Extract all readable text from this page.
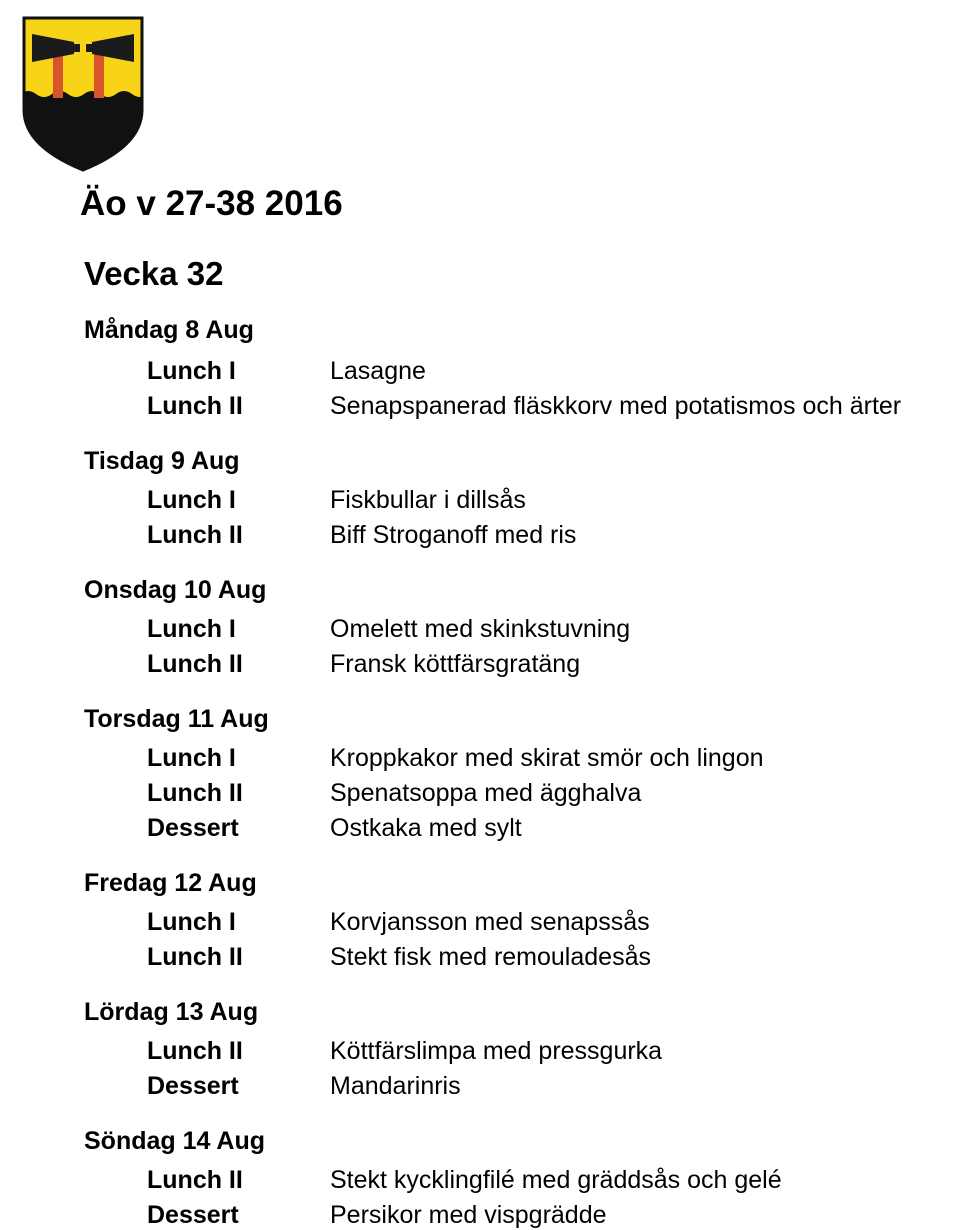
Äo v 27-38 2016
Vecka 32
Måndag 8 Aug
Lunch I	Lasagne
Lunch II	Senapspanerad fläskkorv med potatismos och ärter
Tisdag 9 Aug
Lunch I	Fiskbullar i dillsås
Lunch II	Biff Stroganoff med ris
Onsdag 10 Aug
Lunch I	Omelett med skinkstuvning
Lunch II	Fransk köttfärsgratäng
Torsdag 11 Aug
Lunch I	Kroppkakor med skirat smör och lingon
Lunch II	Spenatsoppa med ägghalva
Dessert	Ostkaka med sylt
Fredag 12 Aug
Lunch I	Korvjansson med senapssås
Lunch II	Stekt fisk med remouladesås
Lördag 13 Aug
Lunch II	Köttfärslimpa med pressgurka
Dessert	Mandarinris
Söndag 14 Aug
Lunch II	Stekt kycklingfilé med gräddsås och gelé
Dessert	Persikor med vispgrädde
